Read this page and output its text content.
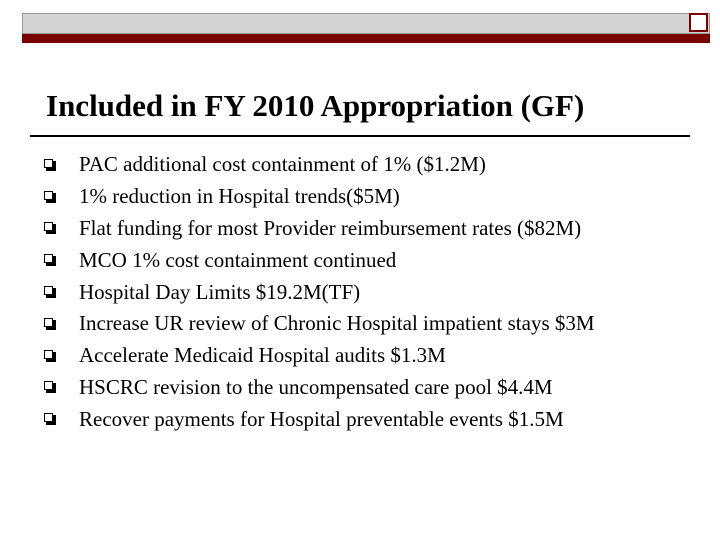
Included in FY 2010 Appropriation (GF)
PAC additional cost containment of 1% ($1.2M)
1% reduction in Hospital trends($5M)
Flat funding for most Provider reimbursement rates ($82M)
MCO 1% cost containment continued
Hospital Day Limits $19.2M(TF)
Increase UR review of Chronic Hospital impatient stays $3M
Accelerate Medicaid Hospital audits $1.3M
HSCRC revision to the uncompensated care pool $4.4M
Recover payments for Hospital preventable events $1.5M
